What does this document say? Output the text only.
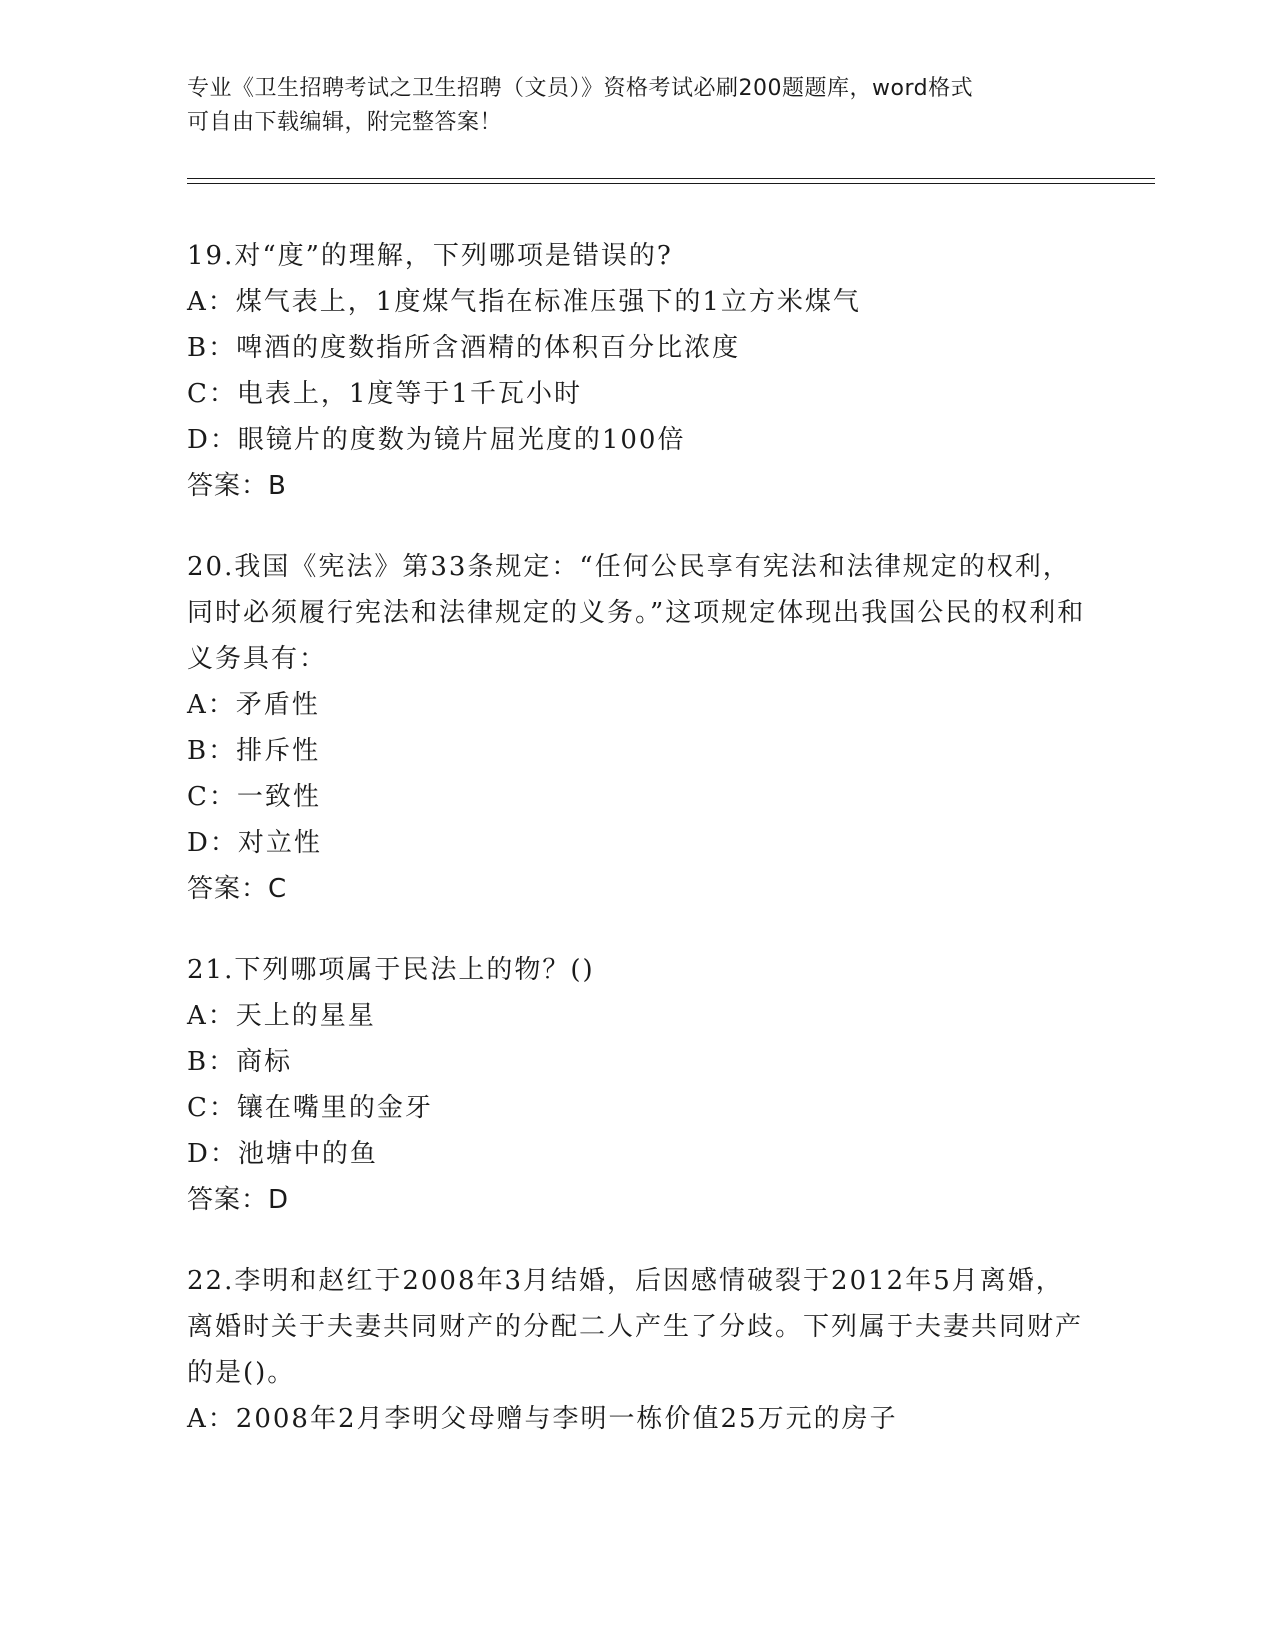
专业《卫生招聘考试之卫生招聘（文员）》资格考试必刷200题题库，word格式
可自由下载编辑，附完整答案！

19.对“度”的理解，下列哪项是错误的?

A：煤气表上，1度煤气指在标准压强下的1立方米煤气

B：啤酒的度数指所含酒精的体积百分比浓度

C：电表上，1度等于1千瓦小时

D：眼镜片的度数为镜片屈光度的100倍

答案：B

20.我国《宪法》第33条规定：“任何公民享有宪法和法律规定的权利，同时必须履行宪法和法律规定的义务。”这项规定体现出我国公民的权利和义务具有：

A：矛盾性

B：排斥性

C：一致性

D：对立性

答案：C

21.下列哪项属于民法上的物？()

A：天上的星星

B：商标

C：镶在嘴里的金牙

D：池塘中的鱼

答案：D

22.李明和赵红于2008年3月结婚，后因感情破裂于2012年5月离婚，离婚时关于夫妻共同财产的分配二人产生了分歧。下列属于夫妻共同财产的是()。

A：2008年2月李明父母赠与李明一栋价值25万元的房子
